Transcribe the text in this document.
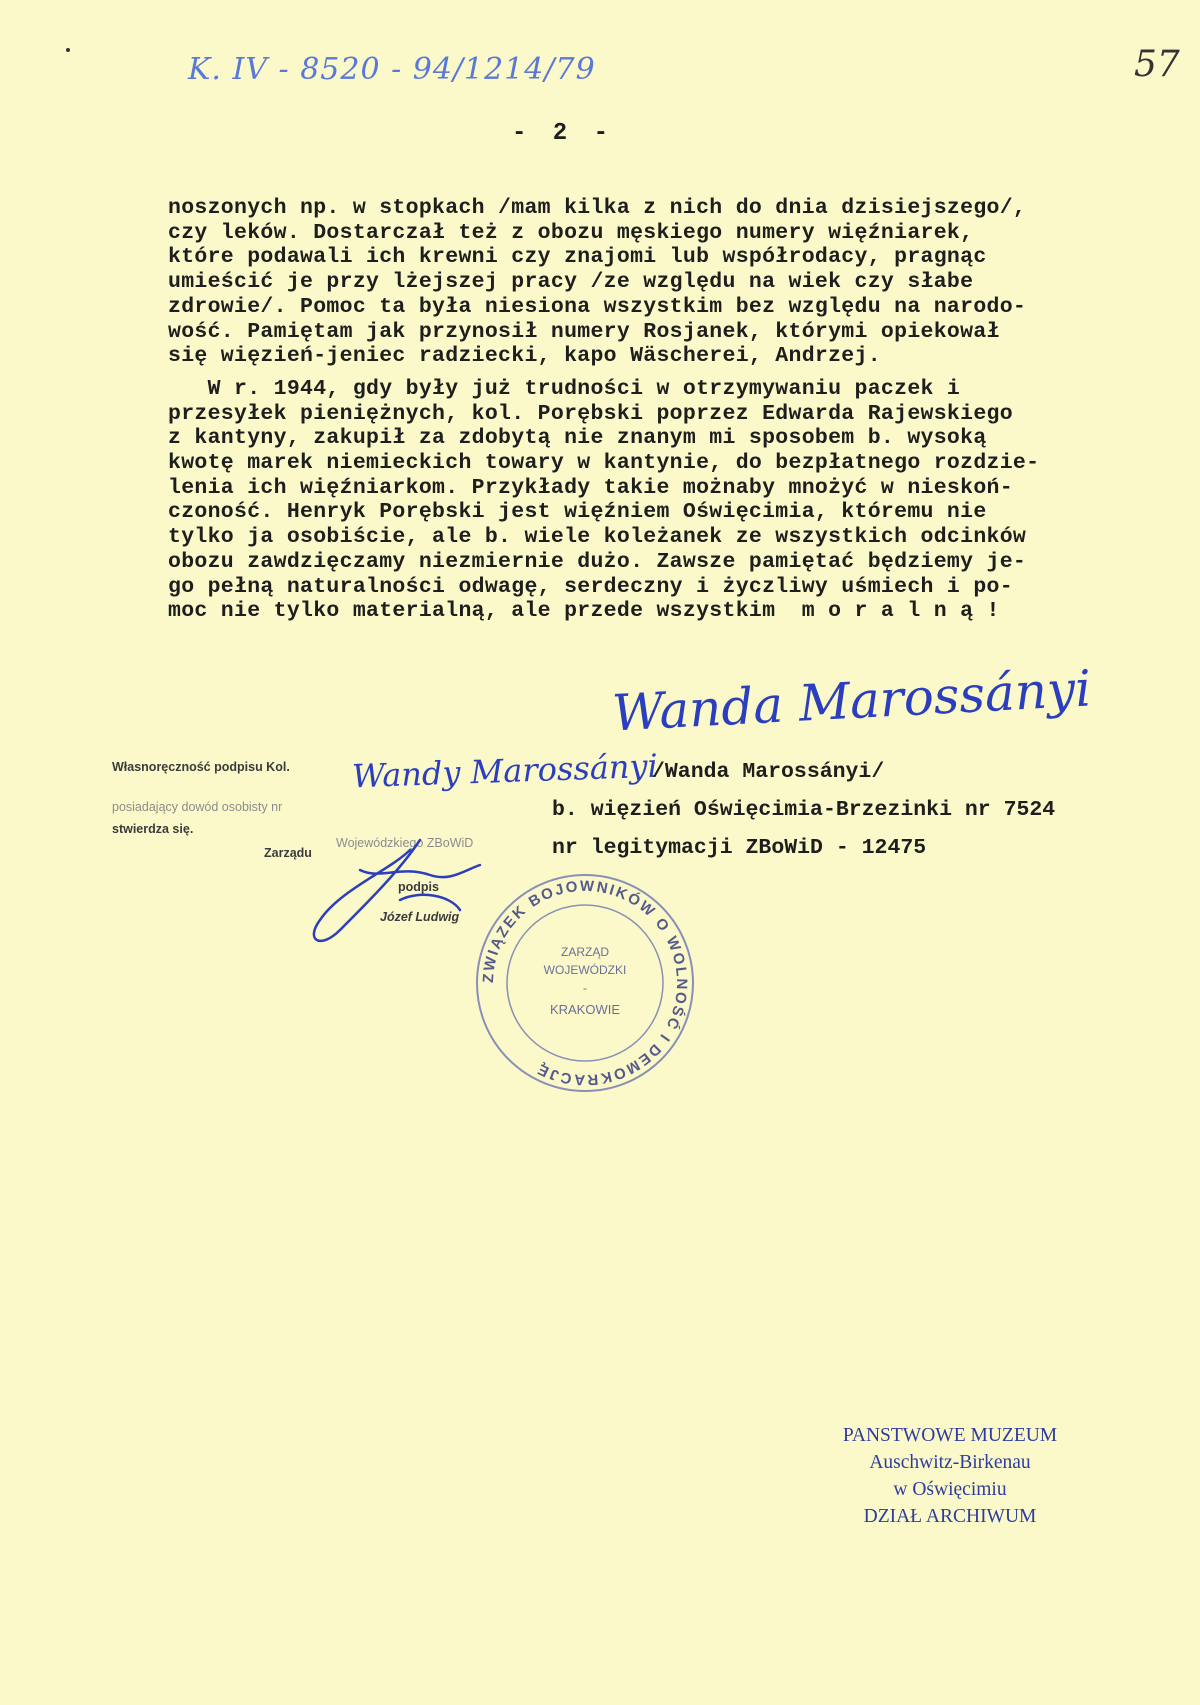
K. IV - 8520 - 94/1214/79	57
- 2 -
noszonych np. w stopkach /mam kilka z nich do dnia dzisiejszego/,
czy leków. Dostarczał też z obozu męskiego numery więźniarek,
które podawali ich krewni czy znajomi lub współrodacy, pragnąc
umieścić je przy lżejszej pracy /ze względu na wiek czy słabe
zdrowie/. Pomoc ta była niesiona wszystkim bez względu na narodo-
wość. Pamiętam jak przynosił numery Rosjanek, którymi opiekował
się więzień-jeniec radziecki, kapo Wäscherei, Andrzej.
W r. 1944, gdy były już trudności w otrzymywaniu paczek i
przesyłek pieniężnych, kol. Porębski poprzez Edwarda Rajewskiego
z kantyny, zakupił za zdobytą nie znanym mi sposobem b. wysoką
kwotę marek niemieckich towary w kantynie, do bezpłatnego rozdzie-
lenia ich więźniarkom. Przykłady takie możnaby mnożyć w nieskoń-
czoność. Henryk Porębski jest więźniem Oświęcimia, któremu nie
tylko ja osobiście, ale b. wiele koleżanek ze wszystkich odcinków
obozu zawdzięczamy niezmiernie dużo. Zawsze pamiętać będziemy je-
go pełną naturalności odwagę, serdeczny i życzliwy uśmiech i po-
moc nie tylko materialną, ale przede wszystkim  m o r a l n ą !
Wanda Marossányi
Własnoręczność podpisu Kol. Wandy Marossányi
/Wanda Marossányi/
posiadający dowód osobisty nr	b. więzień Oświęcimia-Brzezinki nr 7524
stwierdza się.
Zarządu
Wojewódzkiego ZBoWiD	nr legitymacji ZBoWiD - 12475
podpis
Józef Ludwig
ZWIĄZEK BOJOWNIKÓW O WOLNOŚĆ I DEMOKRACJĘ
ZARZĄD
WOJEWÓDZKI
-
KRAKOWIE
PANSTWOWE MUZEUM
Auschwitz-Birkenau
w Oświęcimiu
DZIAŁ ARCHIWUM
